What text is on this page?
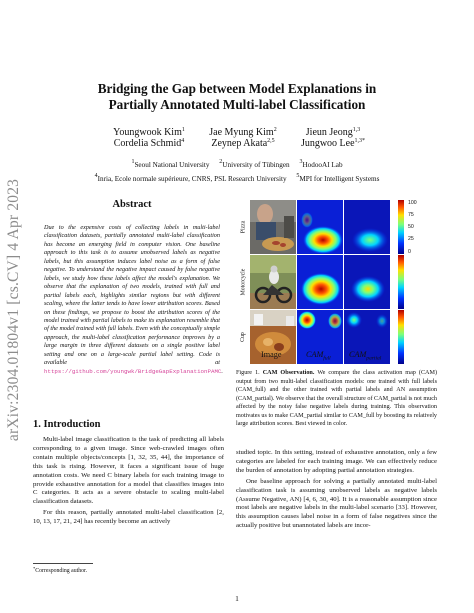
arXiv:2304.01804v1 [cs.CV] 4 Apr 2023
Bridging the Gap between Model Explanations in
Partially Annotated Multi-label Classification
Youngwook Kim$^1$ Jae Myung Kim$^2$	Jieun Jeong$^{1,3}$
Cordelia Schmid$^4$	Zeynep Akata$^{2,5}$	Jungwoo Lee$^{1,3*}$
$^1$Seoul National University $^2$University of Tübingen $^3$HodooAI Lab
$^4$Inria, Ecole normale supérieure, CNRS, PSL Research University $^5$MPI for Intelligent Systems
Abstract
Due to the expensive costs of collecting labels in multi-label classification datasets, partially annotated multi-label classification has become an emerging field in computer vision. One baseline approach to this task is to assume unobserved labels as negative labels, but this assumption induces label noise as a form of false negative. To understand the negative impact caused by false negative labels, we study how these labels affect the model's explanation. We observe that the explanation of two models, trained with full and partial labels each, highlights similar regions but with different scaling, where the latter tends to have lower attribution scores. Based on these findings, we propose to boost the attribution scores of the model trained with partial labels to make its explanation resemble that of the model trained with full labels. Even with the conceptually simple approach, the multi-label classification performance improves by a large margin in three different datasets on a single positive label setting and one on a large-scale partial label setting. Code is available at https://github.com/youngwk/BridgeGapExplanationPAMC.
1. Introduction

Multi-label image classification is the task of predicting all labels corresponding to a given image. Since web-crawled images often contain multiple objects/concepts [1, 32, 35, 44], the importance of this task is rising. However, it faces a significant issue of huge annotation costs. We need C binary labels for each training image to provide exhaustive annotation for a model that classifies images into C categories. It acts as a severe obstacle to scaling multi-label classification datasets.

For this reason, partially annotated multi-label classification [2, 10, 13, 17, 21, 24] has recently become an actively

*Corresponding author.
Pizza
Motorcycle
Cup
100
75
50
25
0
Image	$CAM_{full}$ $CAM_{partial}$
Figure 1. CAM Observation. We compare the class activation map (CAM) output from two multi-label classification models: one trained with full labels (CAM_full) and the other trained with partial labels and AN assumption (CAM_partial). We observe that the overall structure of CAM_partial is not much affected by the noisy false negative labels during training. This observation motivates us to make CAM_partial similar to CAM_full by boosting its relatively large attribution scores. Best viewed in color.

studied topic. In this setting, instead of exhaustive annotation, only a few categories are labeled for each training image. We can effectively reduce the burden of annotation by adopting partial annotation strategies.

One baseline approach for solving a partially annotated multi-label classification task is assuming unobserved labels as negative labels (Assume Negative, AN) [4, 6, 30, 40]. It is a reasonable assumption since most labels are negative labels in the multi-label scenario [33]. However, this assumption causes label noise in a form of false negatives since the actually positive but unannotated labels are incor-

1
